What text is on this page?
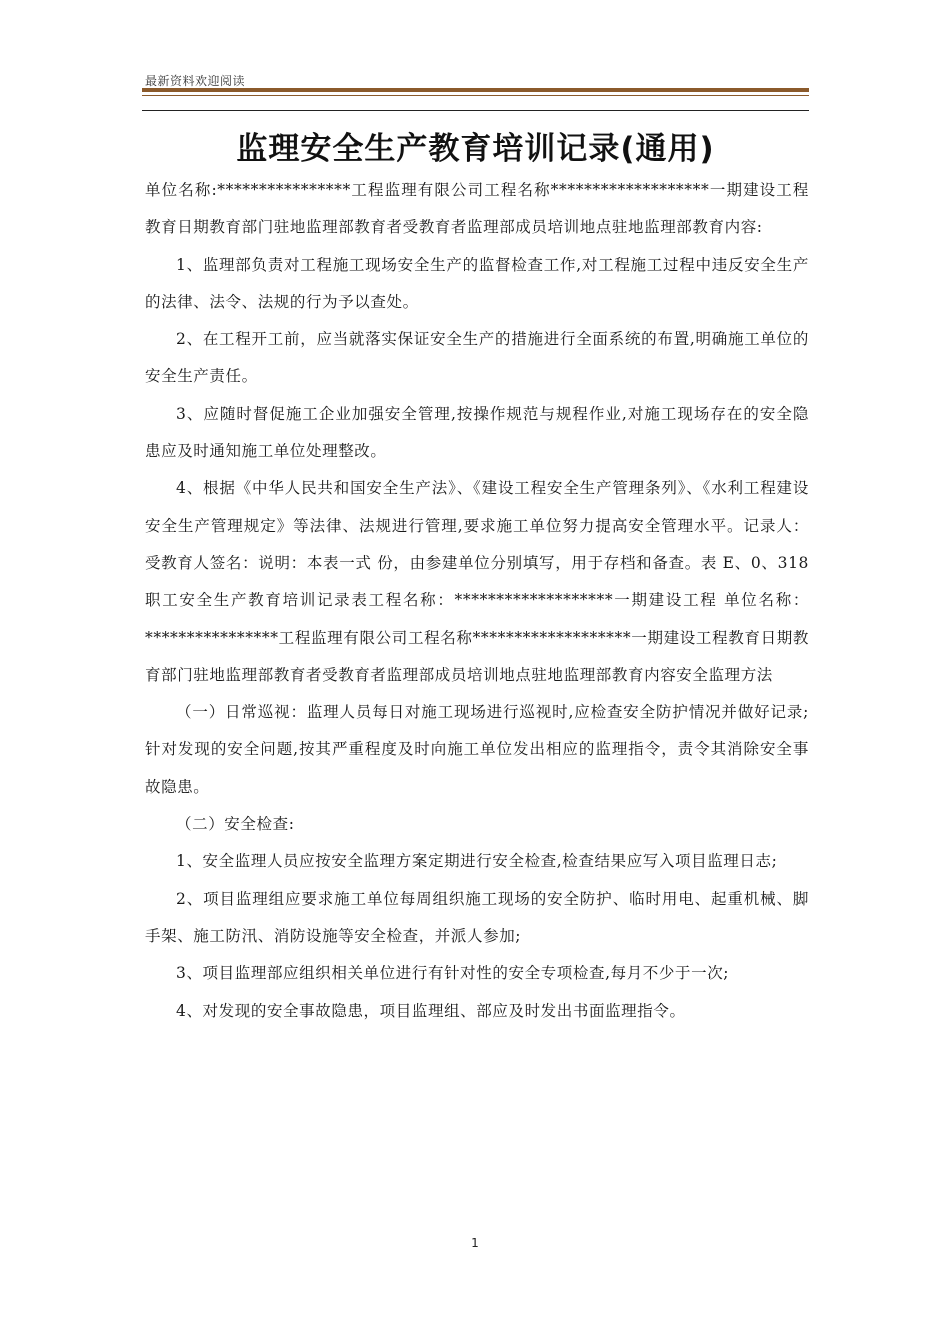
最新资料欢迎阅读
监理安全生产教育培训记录(通用)

单位名称:****************工程监理有限公司工程名称*******************一期建设工程教育日期教育部门驻地监理部教育者受教育者监理部成员培训地点驻地监理部教育内容:

1、监理部负责对工程施工现场安全生产的监督检查工作,对工程施工过程中违反安全生产的法律、法令、法规的行为予以查处。

2、在工程开工前，应当就落实保证安全生产的措施进行全面系统的布置,明确施工单位的安全生产责任。

3、应随时督促施工企业加强安全管理,按操作规范与规程作业,对施工现场存在的安全隐患应及时通知施工单位处理整改。

4、根据《中华人民共和国安全生产法》、《建设工程安全生产管理条列》、《水利工程建设安全生产管理规定》等法律、法规进行管理,要求施工单位努力提高安全管理水平。记录人：受教育人签名：说明：本表一式 份，由参建单位分别填写，用于存档和备查。表 E、0、318 职工安全生产教育培训记录表工程名称：*******************一期建设工程 单位名称：****************工程监理有限公司工程名称*******************一期建设工程教育日期教育部门驻地监理部教育者受教育者监理部成员培训地点驻地监理部教育内容安全监理方法

（一）日常巡视：监理人员每日对施工现场进行巡视时,应检查安全防护情况并做好记录;针对发现的安全问题,按其严重程度及时向施工单位发出相应的监理指令，责令其消除安全事故隐患。

（二）安全检查:

1、安全监理人员应按安全监理方案定期进行安全检查,检查结果应写入项目监理日志;

2、项目监理组应要求施工单位每周组织施工现场的安全防护、临时用电、起重机械、脚手架、施工防汛、消防设施等安全检查，并派人参加;

3、项目监理部应组织相关单位进行有针对性的安全专项检查,每月不少于一次;

4、对发现的安全事故隐患，项目监理组、部应及时发出书面监理指令。

1
